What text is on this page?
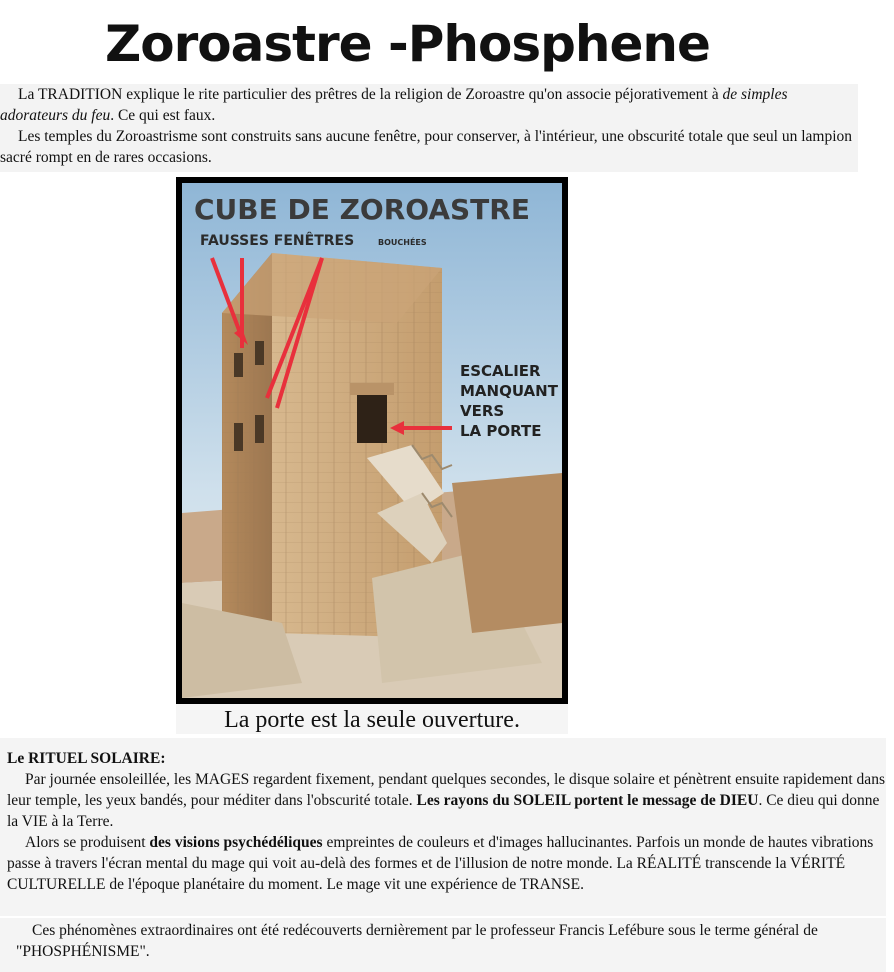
Zoroastre -Phosphene

La TRADITION explique le rite particulier des prêtres de la religion de Zoroastre qu'on associe péjorativement à de simples adorateurs du feu. Ce qui est faux.

Les temples du Zoroastrisme sont construits sans aucune fenêtre, pour conserver, à l'intérieur, une obscurité totale que seul un lampion sacré rompt en de rares occasions.

CUBE DE ZOROASTRE
FAUSSES FENÊTRES	BOUCHÉES
ESCALIER
MANQUANT
VERS
LA PORTE
La porte est la seule ouverture.

Le RITUEL SOLAIRE:

Par journée ensoleillée, les MAGES regardent fixement, pendant quelques secondes, le disque solaire et pénètrent ensuite rapidement dans leur temple, les yeux bandés, pour méditer dans l'obscurité totale. Les rayons du SOLEIL portent le message de DIEU. Ce dieu qui donne la VIE à la Terre.

Alors se produisent des visions psychédéliques empreintes de couleurs et d'images hallucinantes. Parfois un monde de hautes vibrations passe à travers l'écran mental du mage qui voit au-delà des formes et de l'illusion de notre monde. La RÉALITÉ transcende la VÉRITÉ CULTURELLE de l'époque planétaire du moment. Le mage vit une expérience de TRANSE.

Ces phénomènes extraordinaires ont été redécouverts dernièrement par le professeur Francis Lefébure sous le terme général de "PHOSPHÉNISME".
